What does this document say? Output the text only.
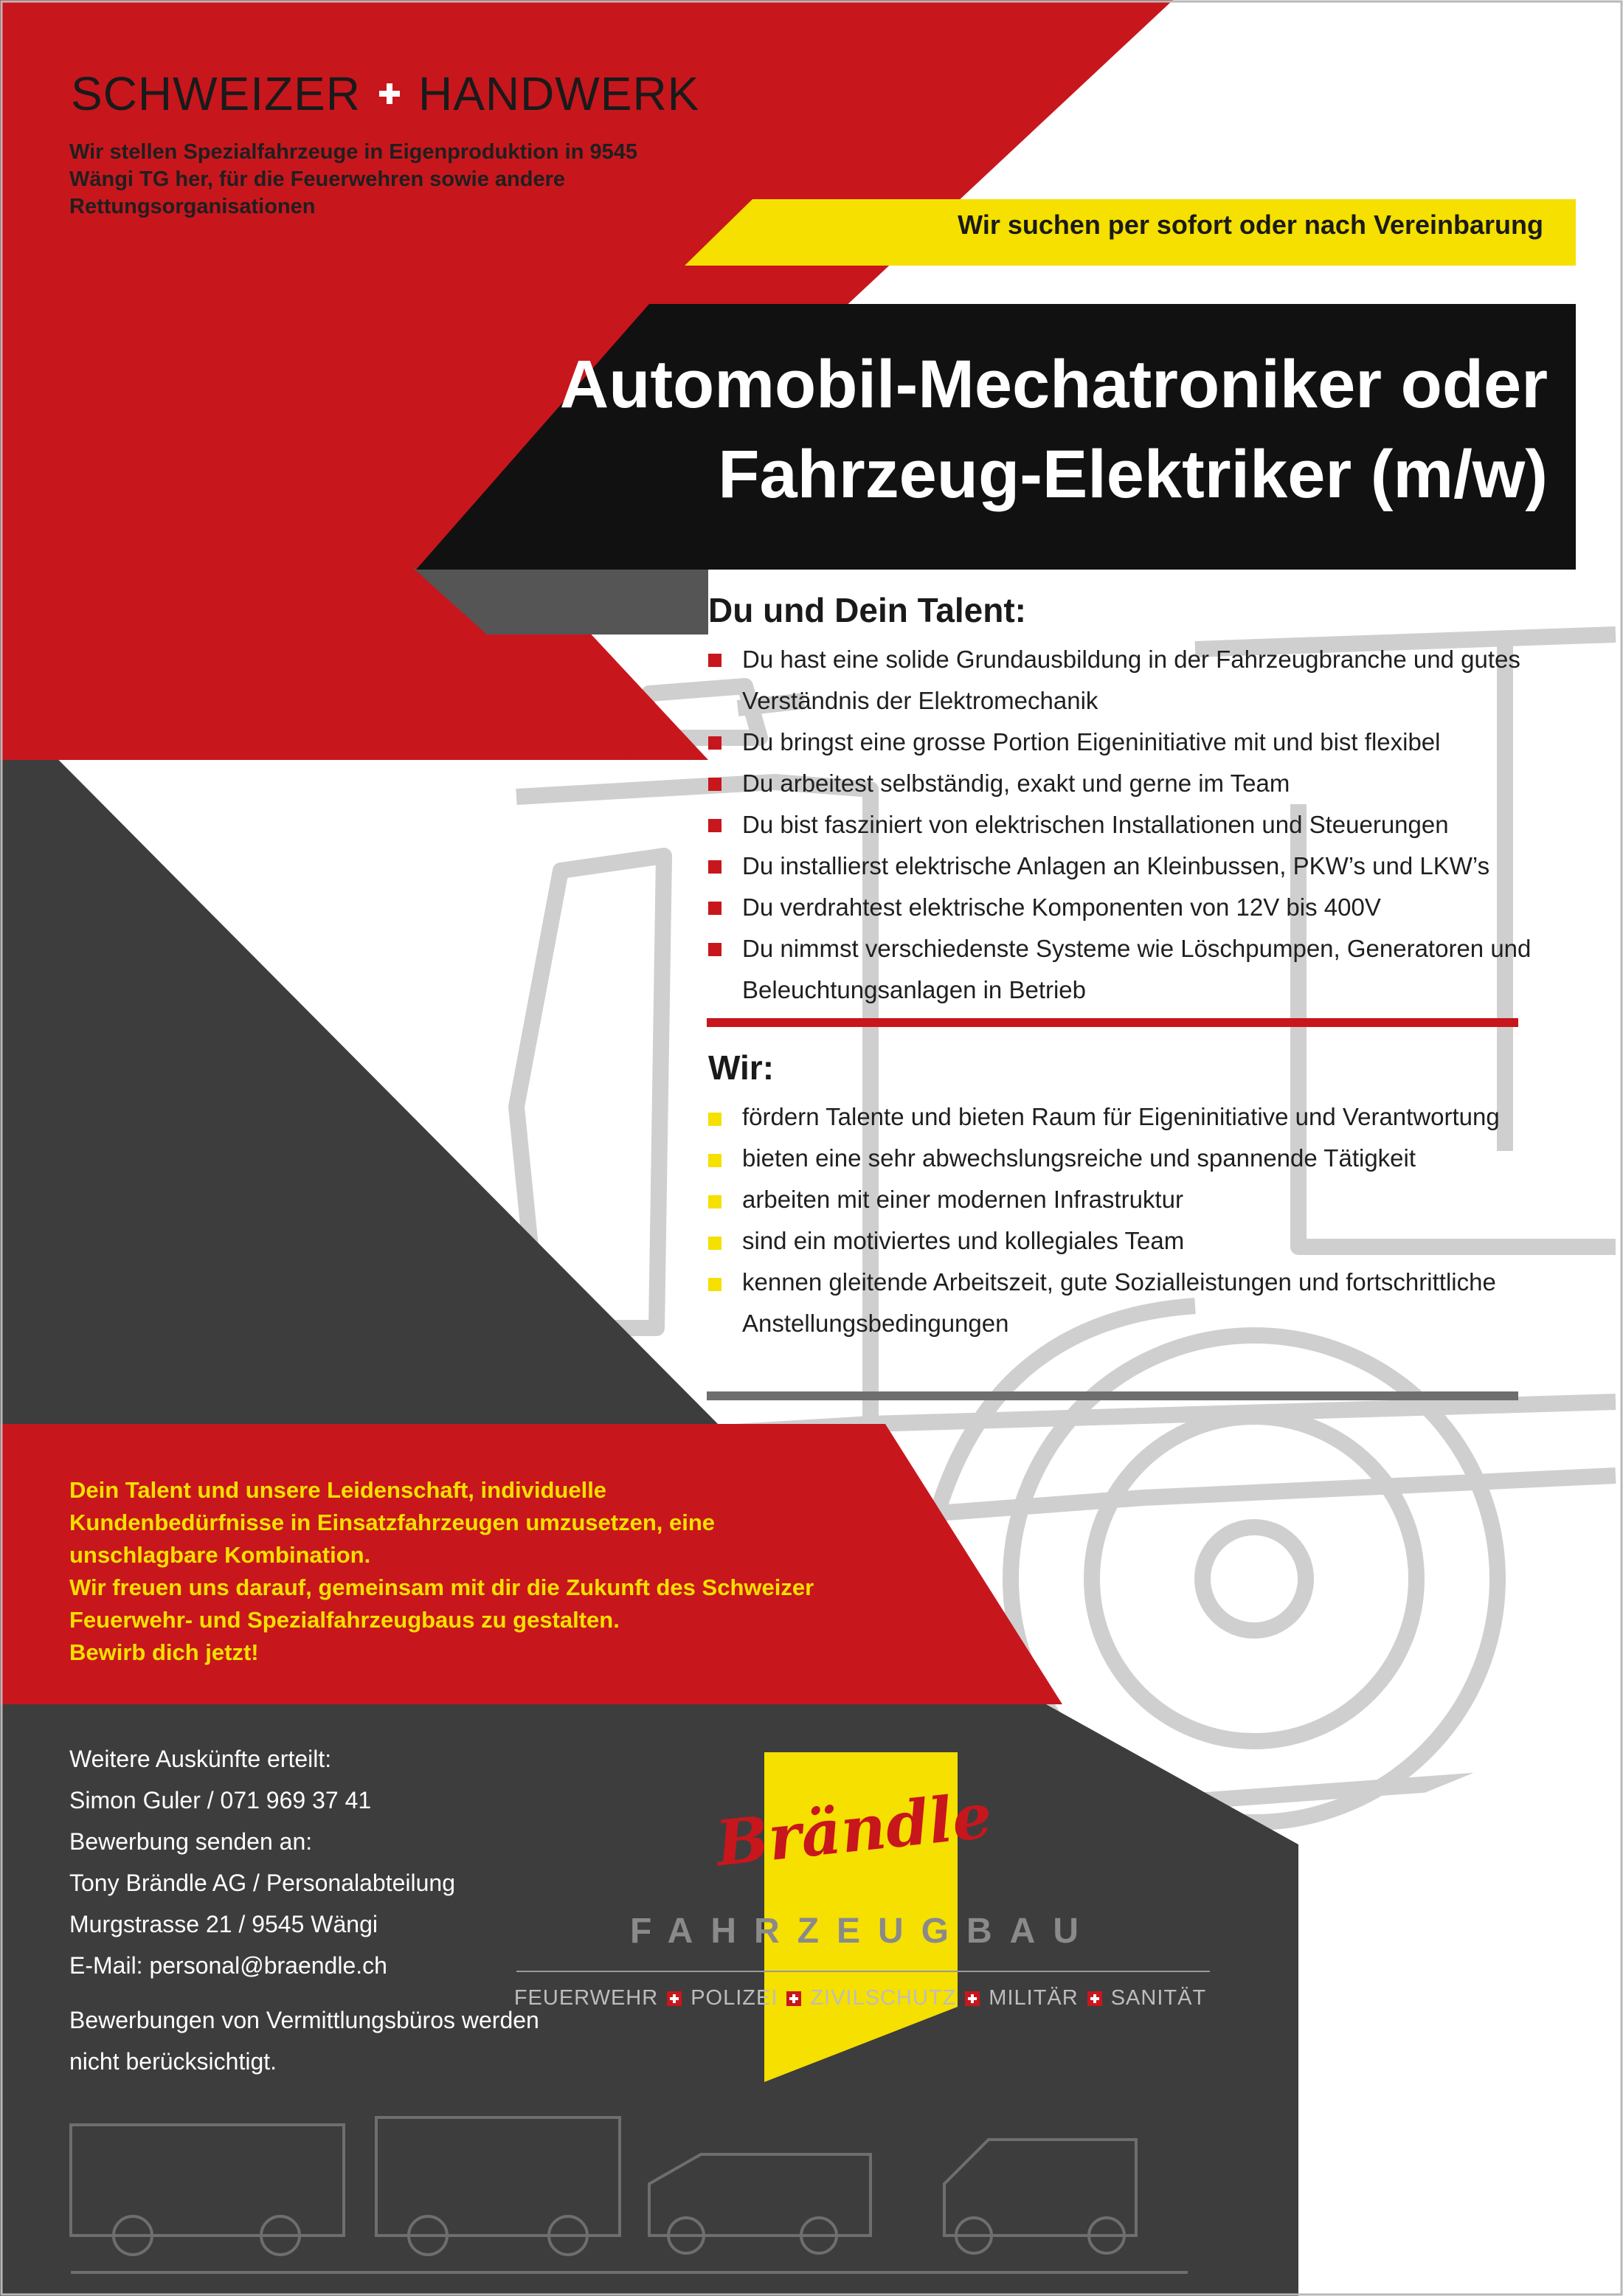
SCHWEIZER HANDWERK
Wir stellen Spezialfahrzeuge in Eigenproduktion in 9545 Wängi TG her, für die Feuerwehren sowie andere Rettungsorganisationen
Wir suchen per sofort oder nach Vereinbarung
Automobil-Mechatroniker oder
Fahrzeug-Elektriker (m/w)
Du und Dein Talent:
Du hast eine solide Grundausbildung in der Fahrzeugbranche und gutes Verständnis der Elektromechanik
Du bringst eine grosse Portion Eigeninitiative mit und bist flexibel
Du arbeitest selbständig, exakt und gerne im Team
Du bist fasziniert von elektrischen Installationen und Steuerungen
Du installierst elektrische Anlagen an Kleinbussen, PKW’s und LKW’s
Du verdrahtest elektrische Komponenten von 12V bis 400V
Du nimmst verschiedenste Systeme wie Löschpumpen, Generatoren und Beleuchtungsanlagen in Betrieb
Wir:
fördern Talente und bieten Raum für Eigeninitiative und Verantwortung
bieten eine sehr abwechslungsreiche und spannende Tätigkeit
arbeiten mit einer modernen Infrastruktur
sind ein motiviertes und kollegiales Team
kennen gleitende Arbeitszeit, gute Sozialleistungen und fortschrittliche Anstellungsbedingungen
Dein Talent und unsere Leidenschaft, individuelle Kundenbedürfnisse in Einsatzfahrzeugen umzusetzen, eine unschlagbare Kombination.
Wir freuen uns darauf, gemeinsam mit dir die Zukunft des Schweizer Feuerwehr- und Spezialfahrzeugbaus zu gestalten.
Bewirb dich jetzt!
Weitere Auskünfte erteilt:
Simon Guler / 071 969 37 41
Bewerbung senden an:
Tony Brändle AG / Personalabteilung
Murgstrasse 21 / 9545 Wängi
E-Mail: personal@braendle.ch
Bewerbungen von Vermittlungsbüros werden nicht berücksichtigt.
Brändle
FAHRZEUGBAU
FEUERWEHR POLIZEI ZIVILSCHUTZ MILITÄR SANITÄT
